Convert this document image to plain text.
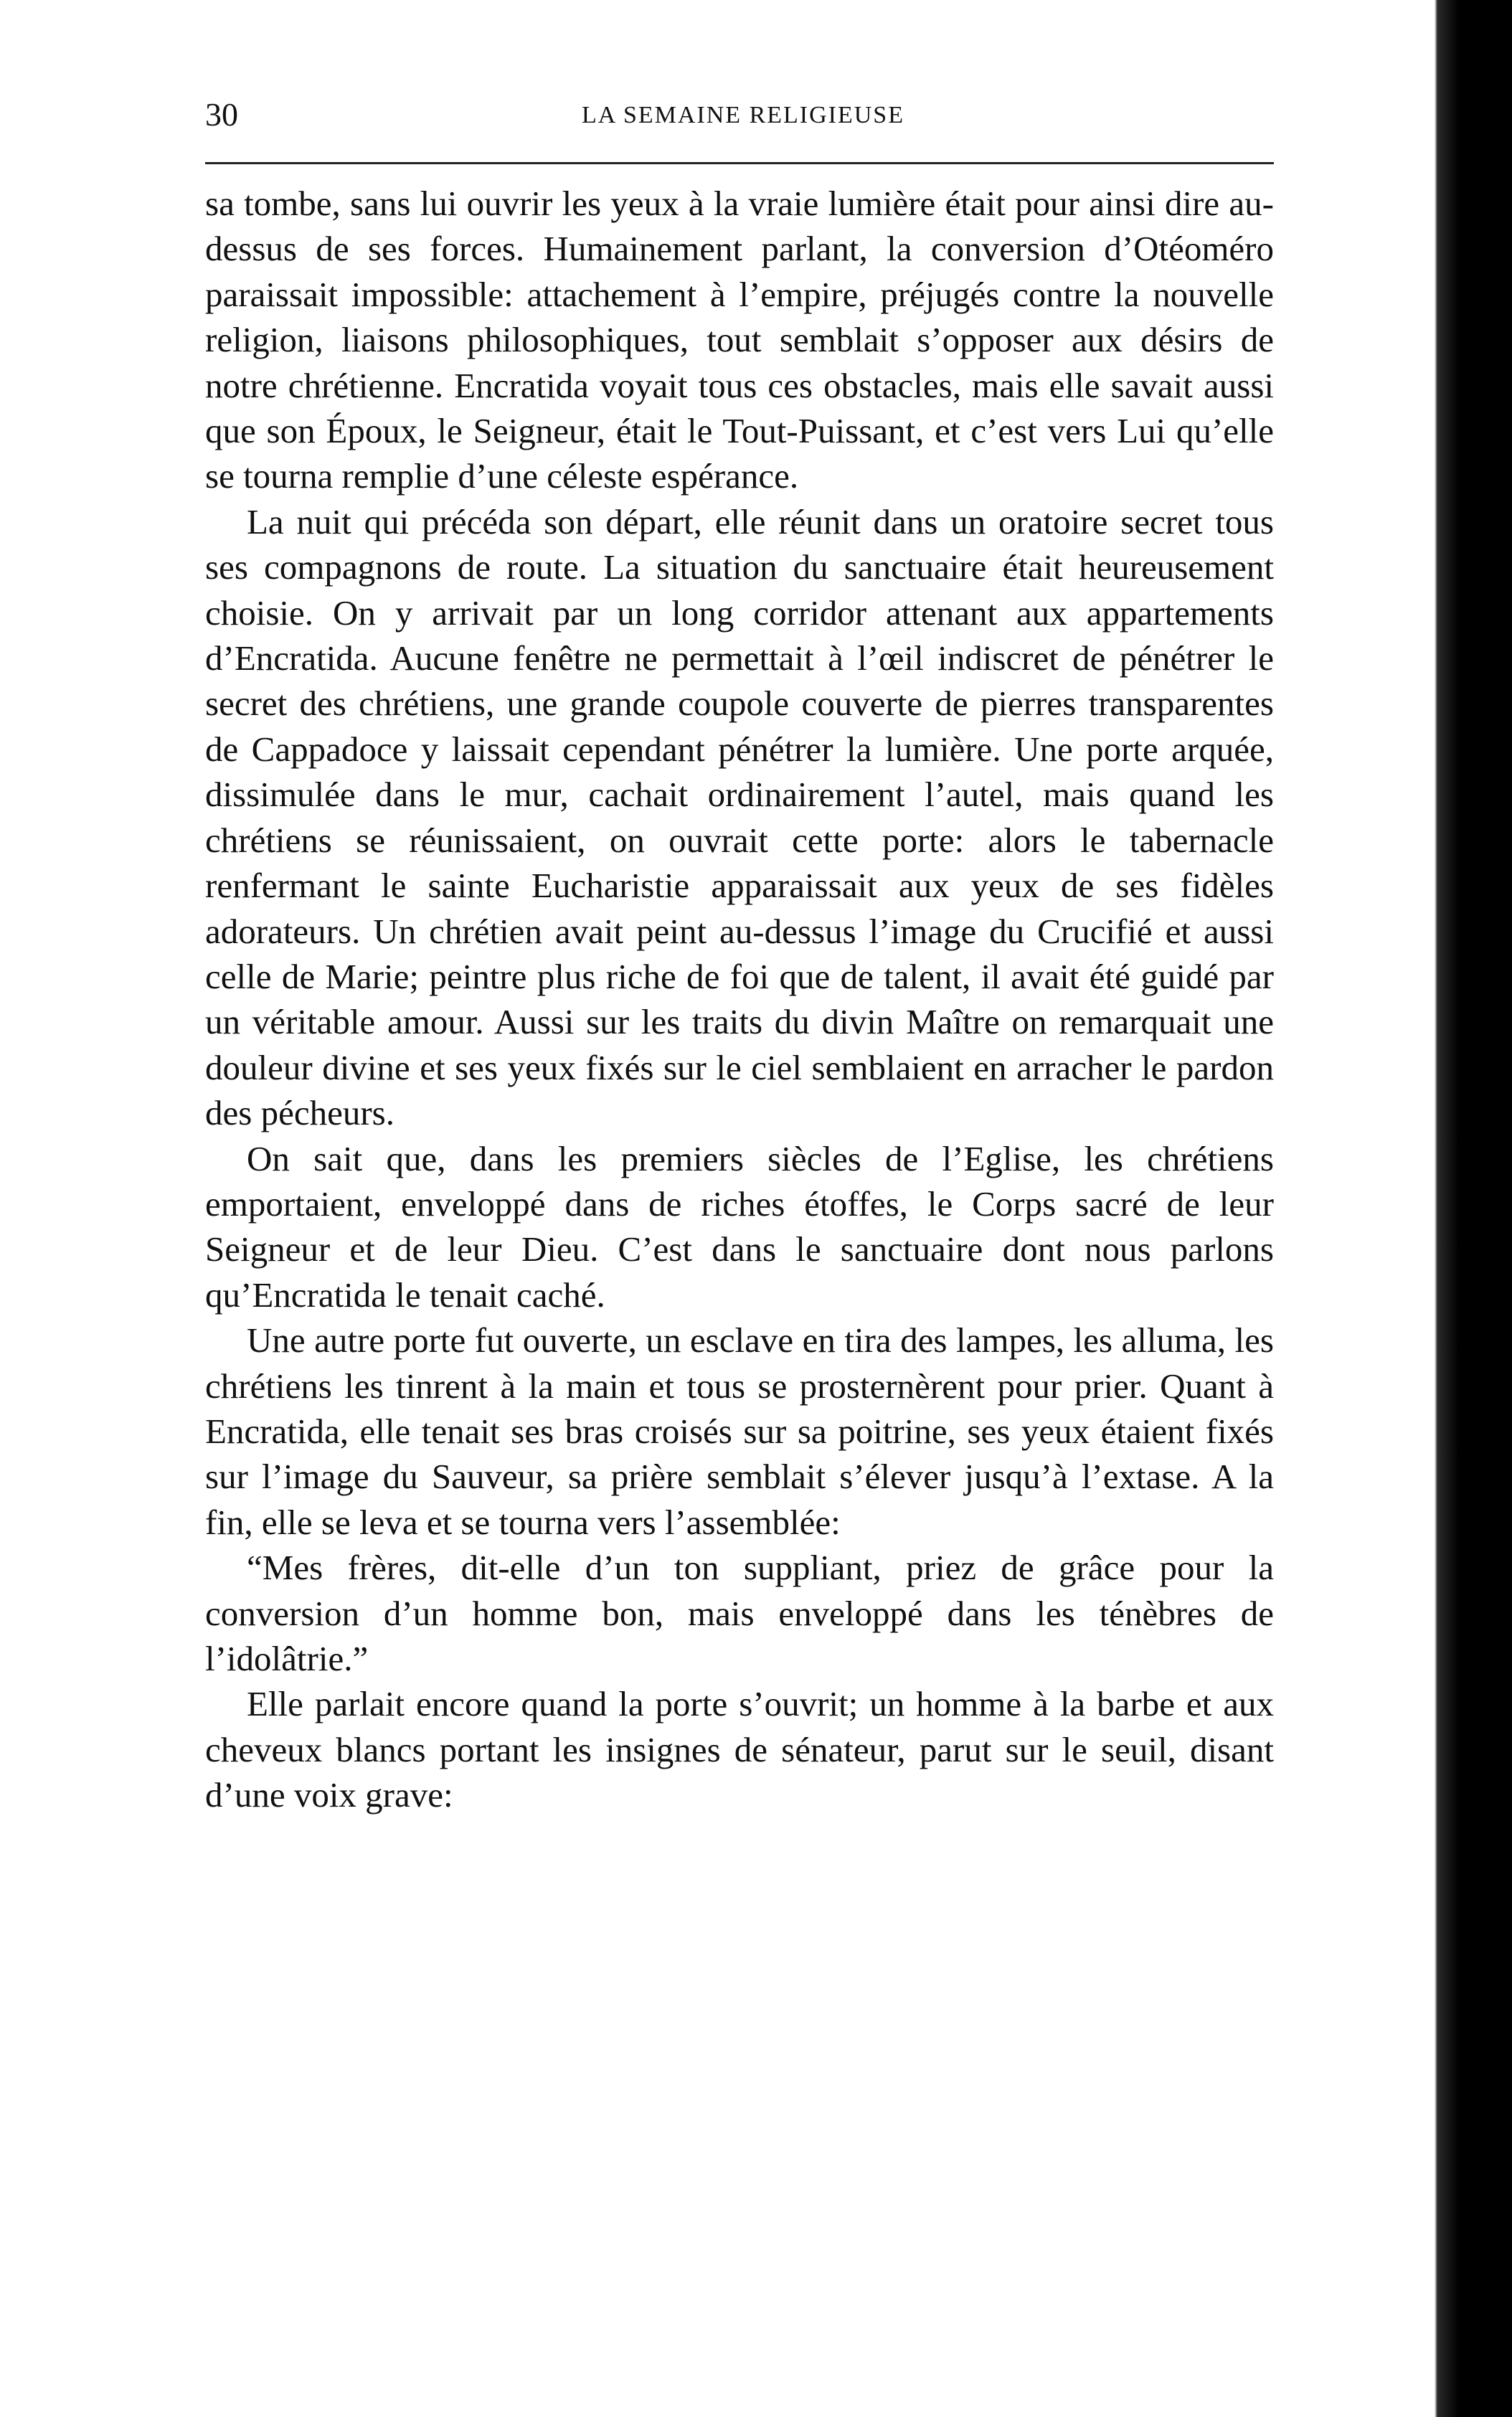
30	LA SEMAINE RELIGIEUSE

sa tombe, sans lui ouvrir les yeux à la vraie lumière était pour ainsi dire au-dessus de ses forces. Humainement parlant, la conversion d’Otéoméro paraissait impossible: attachement à l’empire, préjugés contre la nouvelle religion, liaisons philosophiques, tout semblait s’opposer aux désirs de notre chrétienne. Encratida voyait tous ces obstacles, mais elle savait aussi que son Époux, le Seigneur, était le Tout-Puissant, et c’est vers Lui qu’elle se tourna remplie d’une céleste espérance.

La nuit qui précéda son départ, elle réunit dans un oratoire secret tous ses compagnons de route. La situation du sanctuaire était heureusement choisie. On y arrivait par un long corridor attenant aux appartements d’Encratida. Aucune fenêtre ne permettait à l’œil indiscret de pénétrer le secret des chrétiens, une grande coupole couverte de pierres transparentes de Cappadoce y laissait cependant pénétrer la lumière. Une porte arquée, dissimulée dans le mur, cachait ordinairement l’autel, mais quand les chrétiens se réunissaient, on ouvrait cette porte: alors le tabernacle renfermant le sainte Eucharistie apparaissait aux yeux de ses fidèles adorateurs. Un chrétien avait peint au-dessus l’image du Crucifié et aussi celle de Marie; peintre plus riche de foi que de talent, il avait été guidé par un véritable amour. Aussi sur les traits du divin Maître on remarquait une douleur divine et ses yeux fixés sur le ciel semblaient en arracher le pardon des pécheurs.

On sait que, dans les premiers siècles de l’Eglise, les chrétiens emportaient, enveloppé dans de riches étoffes, le Corps sacré de leur Seigneur et de leur Dieu. C’est dans le sanctuaire dont nous parlons qu’Encratida le tenait caché.

Une autre porte fut ouverte, un esclave en tira des lampes, les alluma, les chrétiens les tinrent à la main et tous se prosternèrent pour prier. Quant à Encratida, elle tenait ses bras croisés sur sa poitrine, ses yeux étaient fixés sur l’image du Sauveur, sa prière semblait s’élever jusqu’à l’extase. A la fin, elle se leva et se tourna vers l’assemblée:

“Mes frères, dit-elle d’un ton suppliant, priez de grâce pour la conversion d’un homme bon, mais enveloppé dans les ténèbres de l’idolâtrie.”

Elle parlait encore quand la porte s’ouvrit; un homme à la barbe et aux cheveux blancs portant les insignes de sénateur, parut sur le seuil, disant d’une voix grave:
